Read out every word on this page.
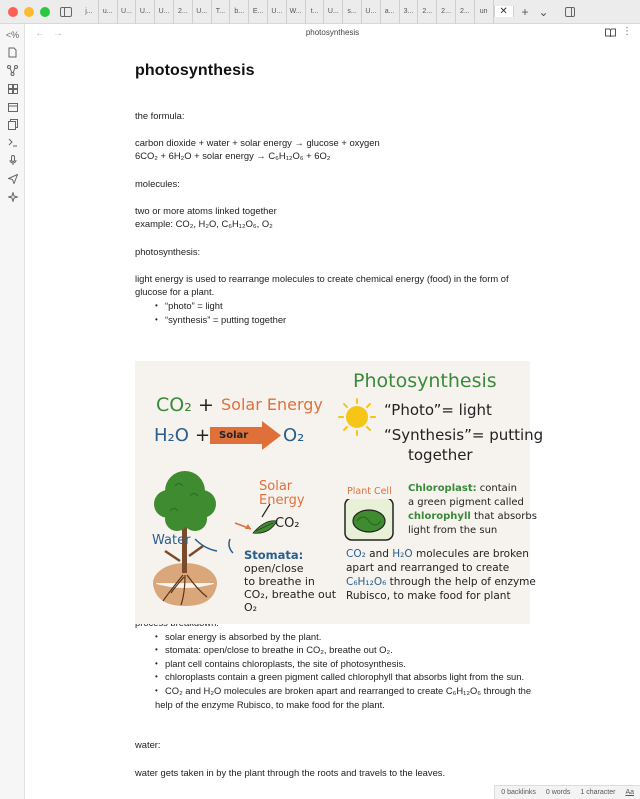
j...	u...	U...	U...	U...	2...	U...	T...	b...	E...	U...	W...	t...	U...	s...	U...	a...	3...	2...	2...	2...	un	✕ + ⌄
<% ← →	photosynthesis	⋮
photosynthesis
the formula:
carbon dioxide + water + solar energy → glucose + oxygen
6CO₂ + 6H₂O + solar energy → C₆H₁₂O₆ + 6O₂
molecules:
two or more atoms linked together
example: CO₂, H₂O, C₆H₁₂O₆, O₂
photosynthesis:
light energy is used to rearrange molecules to create chemical energy (food) in the form of glucose for a plant.
• “photo” = light
• “synthesis” = putting together
• solar energy is absorbed by the plant.
• stomata: open/close to breathe in CO₂, breathe out O₂.
• plant cell contains chloroplasts, the site of photosynthesis.
• chloroplasts contain a green pigment called chlorophyll that absorbs light from the sun.
• CO₂ and H₂O molecules are broken apart and rearranged to create C₆H₁₂O₆ through the
help of the enzyme Rubisco, to make food for the plant.
water:
water gets taken in by the plant through the roots and travels to the leaves.
CO₂ + Solar Energy
H₂O + Solar O₂
Photosynthesis
“Photo”= light
“Synthesis”= putting
together
Solar
Energy
CO₂
Water
Stomata:
open/close
to breathe in
CO₂, breathe out
O₂
Plant Cell Chloroplast: contain
a green pigment called
chlorophyll that absorbs
light from the sun
CO₂ and H₂O molecules are broken
apart and rearranged to create
C₆H₁₂O₆ through the help of enzyme
Rubisco, to make food for plant
0 backlinks 0 words 1 character Aa
